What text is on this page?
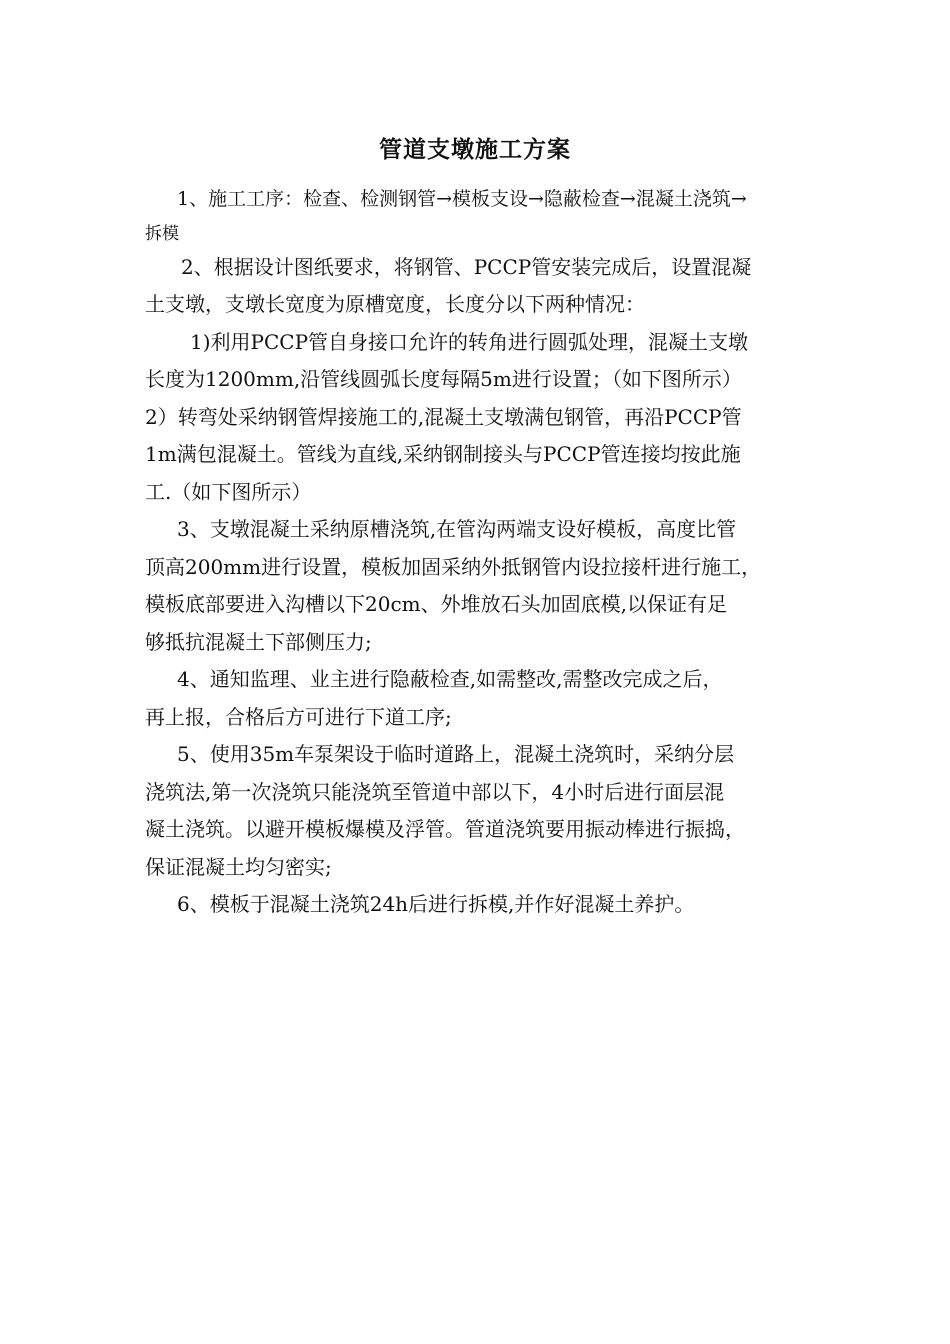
管道支墩施工方案

1、施工工序：检查、检测钢管→模板支设→隐蔽检查→混凝土浇筑→
拆模

2、根据设计图纸要求，将钢管、PCCP管安装完成后，设置混凝
土支墩，支墩长宽度为原槽宽度，长度分以下两种情况：

1)利用PCCP管自身接口允许的转角进行圆弧处理，混凝土支墩
长度为1200mm,沿管线圆弧长度每隔5m进行设置；（如下图所示）

2）转弯处采纳钢管焊接施工的,混凝土支墩满包钢管，再沿PCCP管
1m满包混凝土。管线为直线,采纳钢制接头与PCCP管连接均按此施
工.（如下图所示）

3、支墩混凝土采纳原槽浇筑,在管沟两端支设好模板，高度比管
顶高200mm进行设置，模板加固采纳外抵钢管内设拉接杆进行施工，
模板底部要进入沟槽以下20cm、外堆放石头加固底模,以保证有足
够抵抗混凝土下部侧压力;

4、通知监理、业主进行隐蔽检查,如需整改,需整改完成之后，
再上报，合格后方可进行下道工序;

5、使用35m车泵架设于临时道路上，混凝土浇筑时，采纳分层
浇筑法,第一次浇筑只能浇筑至管道中部以下，4小时后进行面层混
凝土浇筑。以避开模板爆模及浮管。管道浇筑要用振动棒进行振捣，
保证混凝土均匀密实;

6、模板于混凝土浇筑24h后进行拆模,并作好混凝土养护。
